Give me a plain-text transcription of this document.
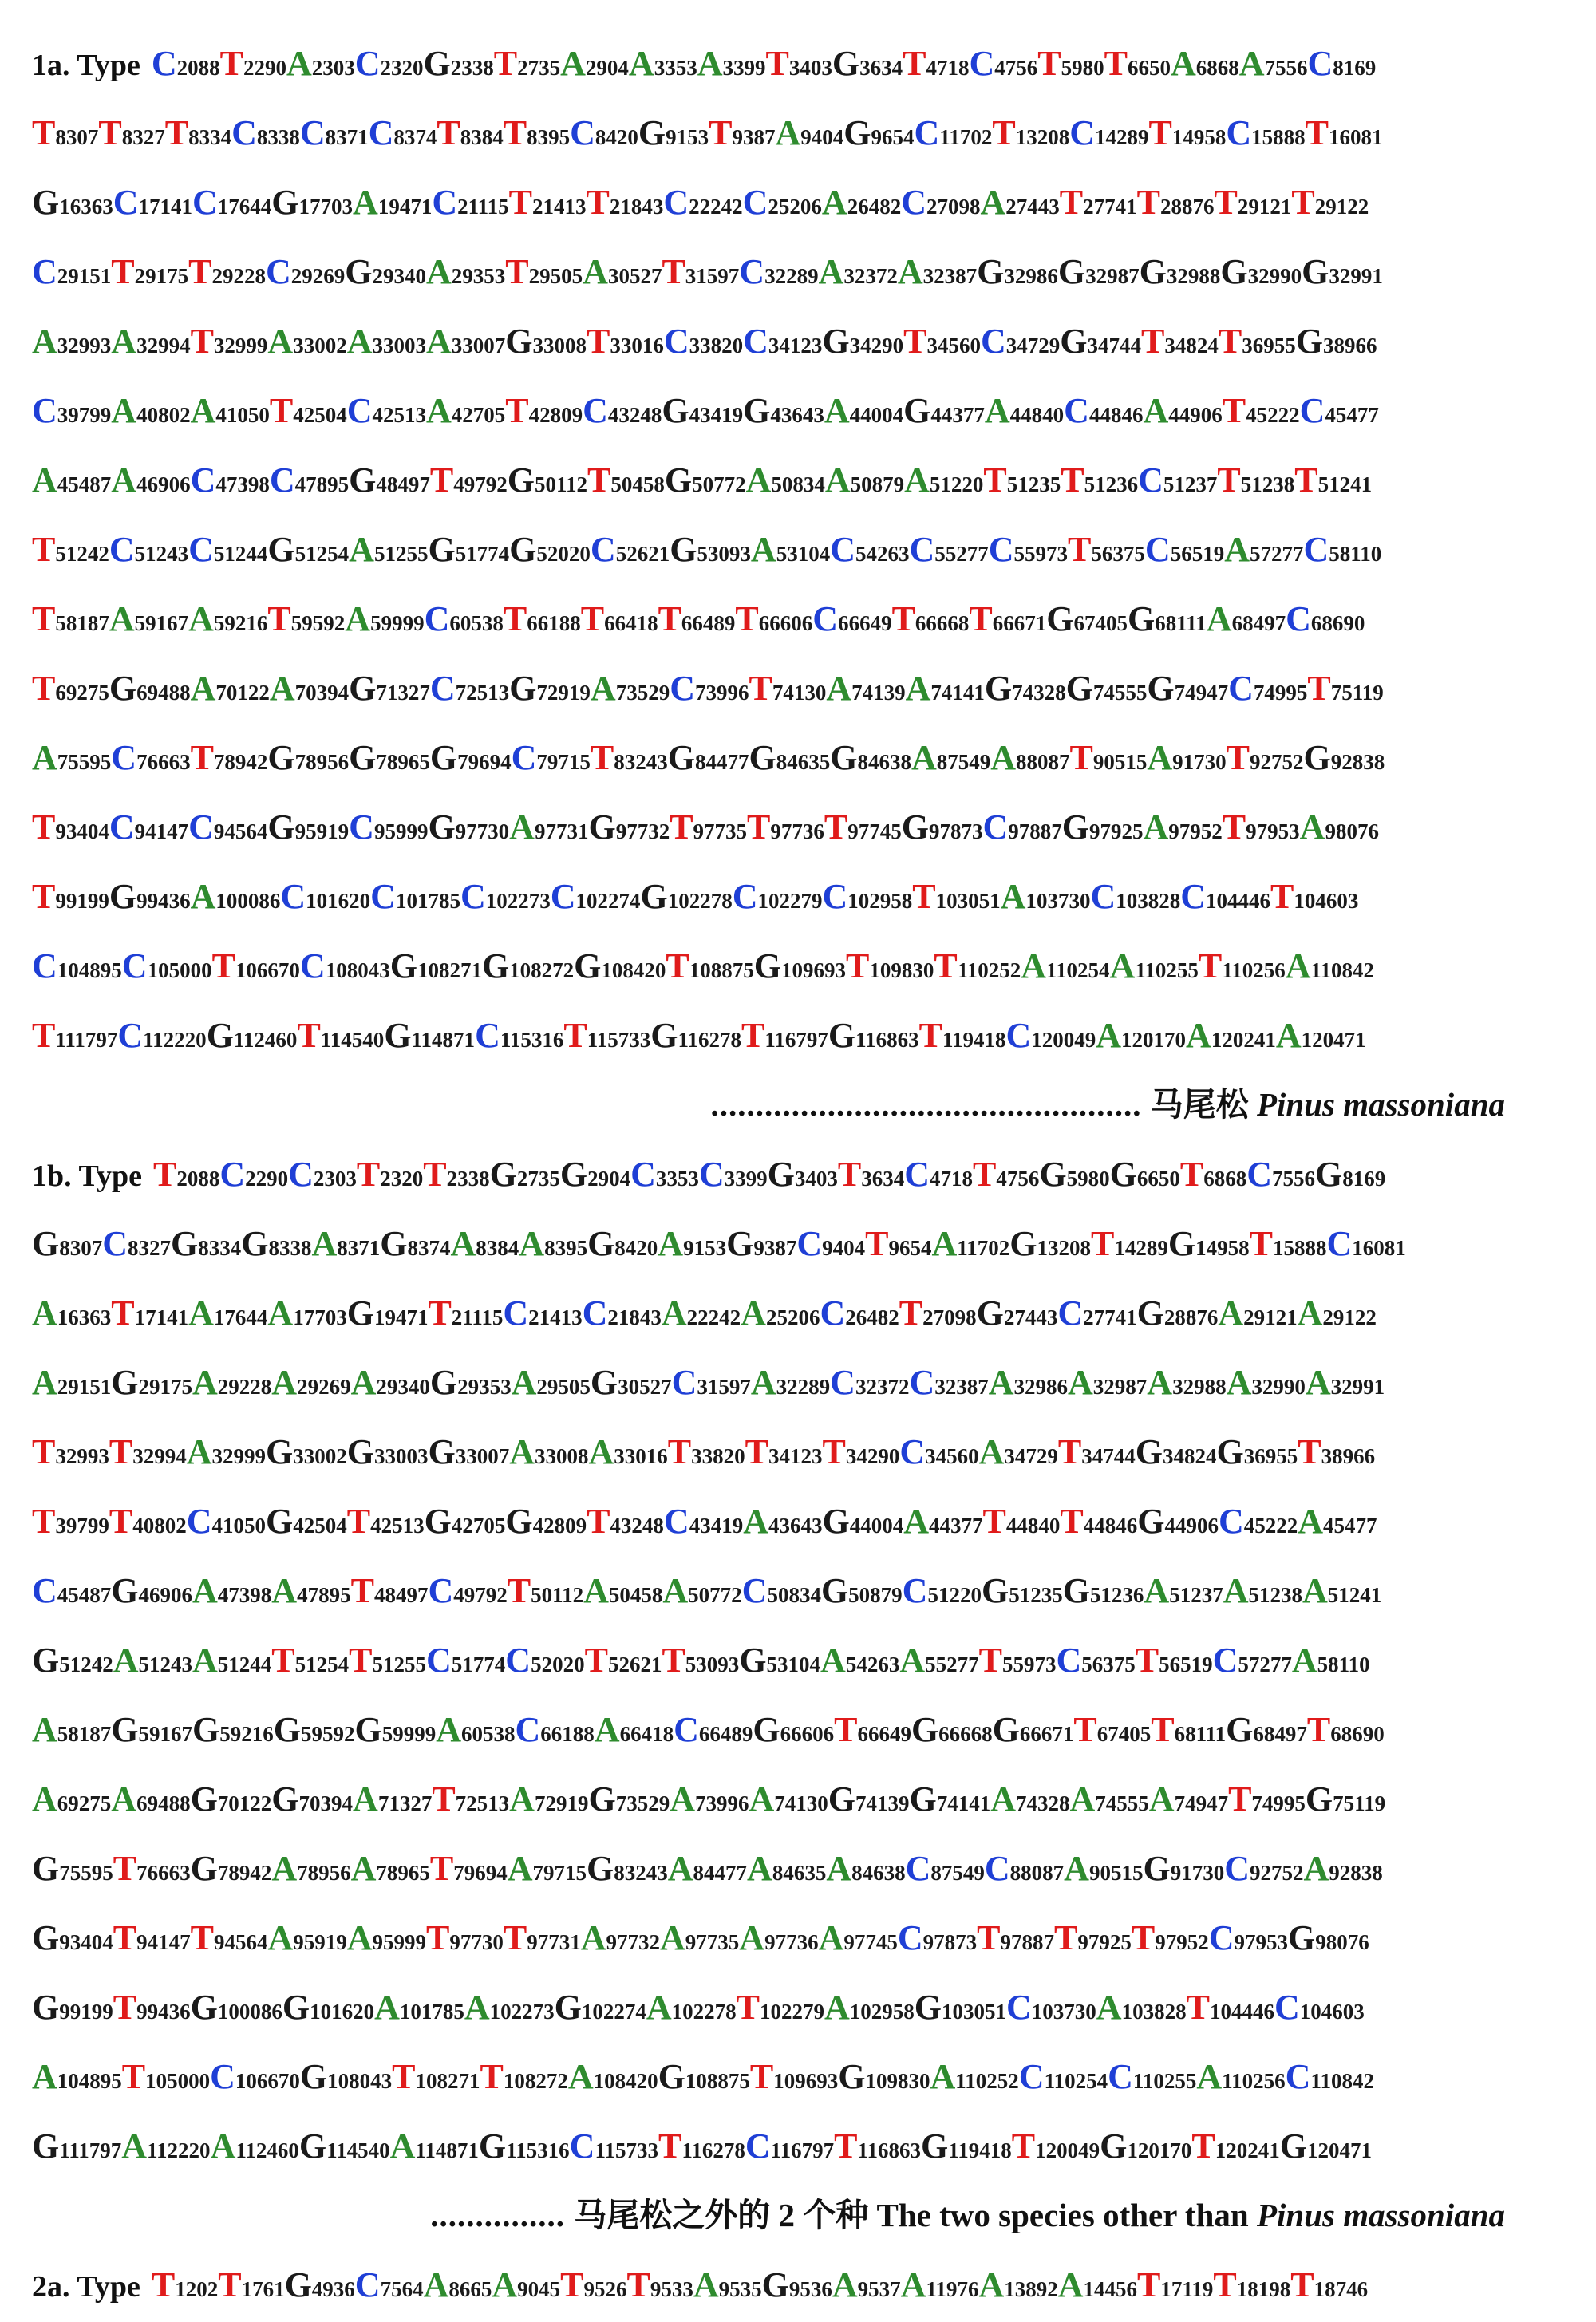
1a. Type C2088T2290A2303C2320G2338T2735A2904A3353A3399T3403G3634T4718C4756T5980T6650A6868A7556C8169
T8307T8327T8334C8338C8371C8374T8384T8395C8420G9153T9387A9404G9654C11702T13208C14289T14958C15888T16081
G16363C17141C17644G17703A19471C21115T21413T21843C22242C25206A26482C27098A27443T27741T28876T29121T29122
C29151T29175T29228C29269G29340A29353T29505A30527T31597C32289A32372A32387G32986G32987G32988G32990G32991
A32993A32994T32999A33002A33003A33007G33008T33016C33820C34123G34290T34560C34729G34744T34824T36955G38966
C39799A40802A41050T42504C42513A42705T42809C43248G43419G43643A44004G44377A44840C44846A44906T45222C45477
A45487A46906C47398C47895G48497T49792G50112T50458G50772A50834A50879A51220T51235T51236C51237T51238T51241
T51242C51243C51244G51254A51255G51774G52020C52621G53093A53104C54263C55277C55973T56375C56519A57277C58110
T58187A59167A59216T59592A59999C60538T66188T66418T66489T66606C66649T66668T66671G67405G68111A68497C68690
T69275G69488A70122A70394G71327C72513G72919A73529C73996T74130A74139A74141G74328G74555G74947C74995T75119
A75595C76663T78942G78956G78965G79694C79715T83243G84477G84635G84638A87549A88087T90515A91730T92752G92838
T93404C94147C94564G95919C95999G97730A97731G97732T97735T97736T97745G97873C97887G97925A97952T97953A98076
T99199G99436A100086C101620C101785C102273C102274G102278C102279C102958T103051A103730C103828C104446T104603
C104895C105000T106670C108043G108271G108272G108420T108875G109693T109830T110252A110254A110255T110256A110842
T111797C112220G112460T114540G114871C115316T115733G116278T116797G116863T119418C120049A120170A120241A120471
................................................ 马尾松 Pinus massoniana
1b. Type T2088C2290C2303T2320T2338G2735G2904C3353C3399G3403T3634C4718T4756G5980G6650T6868C7556G8169
G8307C8327G8334G8338A8371G8374A8384A8395G8420A9153G9387C9404T9654A11702G13208T14289G14958T15888C16081
A16363T17141A17644A17703G19471T21115C21413C21843A22242A25206C26482T27098G27443C27741G28876A29121A29122
A29151G29175A29228A29269A29340G29353A29505G30527C31597A32289C32372C32387A32986A32987A32988A32990A32991
T32993T32994A32999G33002G33003G33007A33008A33016T33820T34123T34290C34560A34729T34744G34824G36955T38966
T39799T40802C41050G42504T42513G42705G42809T43248C43419A43643G44004A44377T44840T44846G44906C45222A45477
C45487G46906A47398A47895T48497C49792T50112A50458A50772C50834G50879C51220G51235G51236A51237A51238A51241
G51242A51243A51244T51254T51255C51774C52020T52621T53093G53104A54263A55277T55973C56375T56519C57277A58110
A58187G59167G59216G59592G59999A60538C66188A66418C66489G66606T66649G66668G66671T67405T68111G68497T68690
A69275A69488G70122G70394A71327T72513A72919G73529A73996A74130G74139G74141A74328A74555A74947T74995G75119
G75595T76663G78942A78956A78965T79694A79715G83243A84477A84635A84638C87549C88087A90515G91730C92752A92838
G93404T94147T94564A95919A95999T97730T97731A97732A97735A97736A97745C97873T97887T97925T97952C97953G98076
G99199T99436G100086G101620A101785A102273G102274A102278T102279A102958G103051C103730A103828T104446C104603
A104895T105000C106670G108043T108271T108272A108420G108875T109693G109830A110252C110254C110255A110256C110842
G111797A112220A112460G114540A114871G115316C115733T116278C116797T116863G119418T120049G120170T120241G120471
............... 马尾松之外的 2 个种 The two species other than Pinus massoniana
2a. Type T1202T1761G4936C7564A8665A9045T9526T9533A9535G9536A9537A11976A13892A14456T17119T18198T18746
